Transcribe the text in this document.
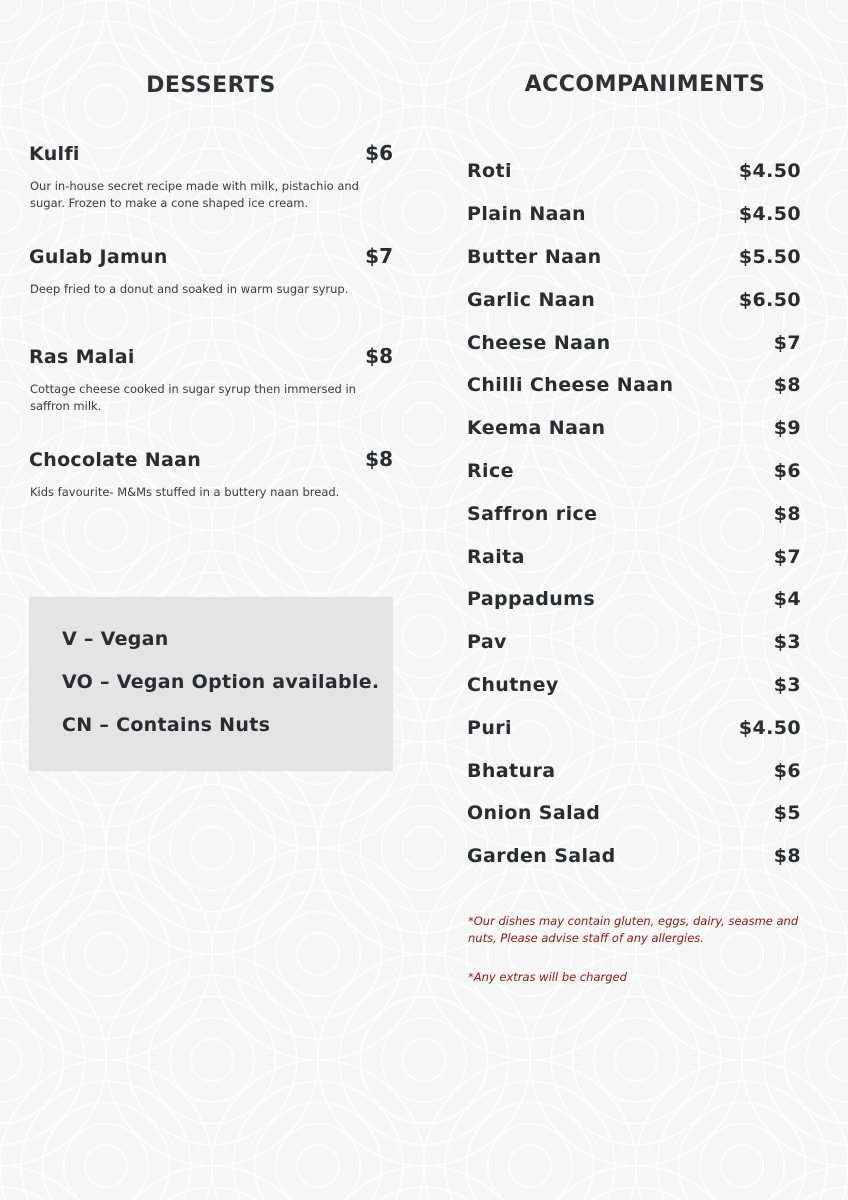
DESSERTS
Kulfi	$6
Our in-house secret recipe made with milk, pistachio and sugar. Frozen to make a cone shaped ice cream.
Gulab Jamun	$7
Deep fried to a donut and soaked in warm sugar syrup.
Ras Malai	$8
Cottage cheese cooked in sugar syrup then immersed in saffron milk.
Chocolate Naan	$8
Kids favourite- M&Ms stuffed in a buttery naan bread.
V – Vegan
VO – Vegan Option available.
CN – Contains Nuts
ACCOMPANIMENTS
Roti	$4.50
Plain Naan	$4.50
Butter Naan	$5.50
Garlic Naan	$6.50
Cheese Naan	$7
Chilli Cheese Naan	$8
Keema Naan	$9
Rice	$6
Saffron rice	$8
Raita	$7
Pappadums	$4
Pav	$3
Chutney	$3
Puri	$4.50
Bhatura	$6
Onion Salad	$5
Garden Salad	$8
*Our dishes may contain gluten, eggs, dairy, seasme and nuts, Please advise staff of any allergies.
*Any extras will be charged
